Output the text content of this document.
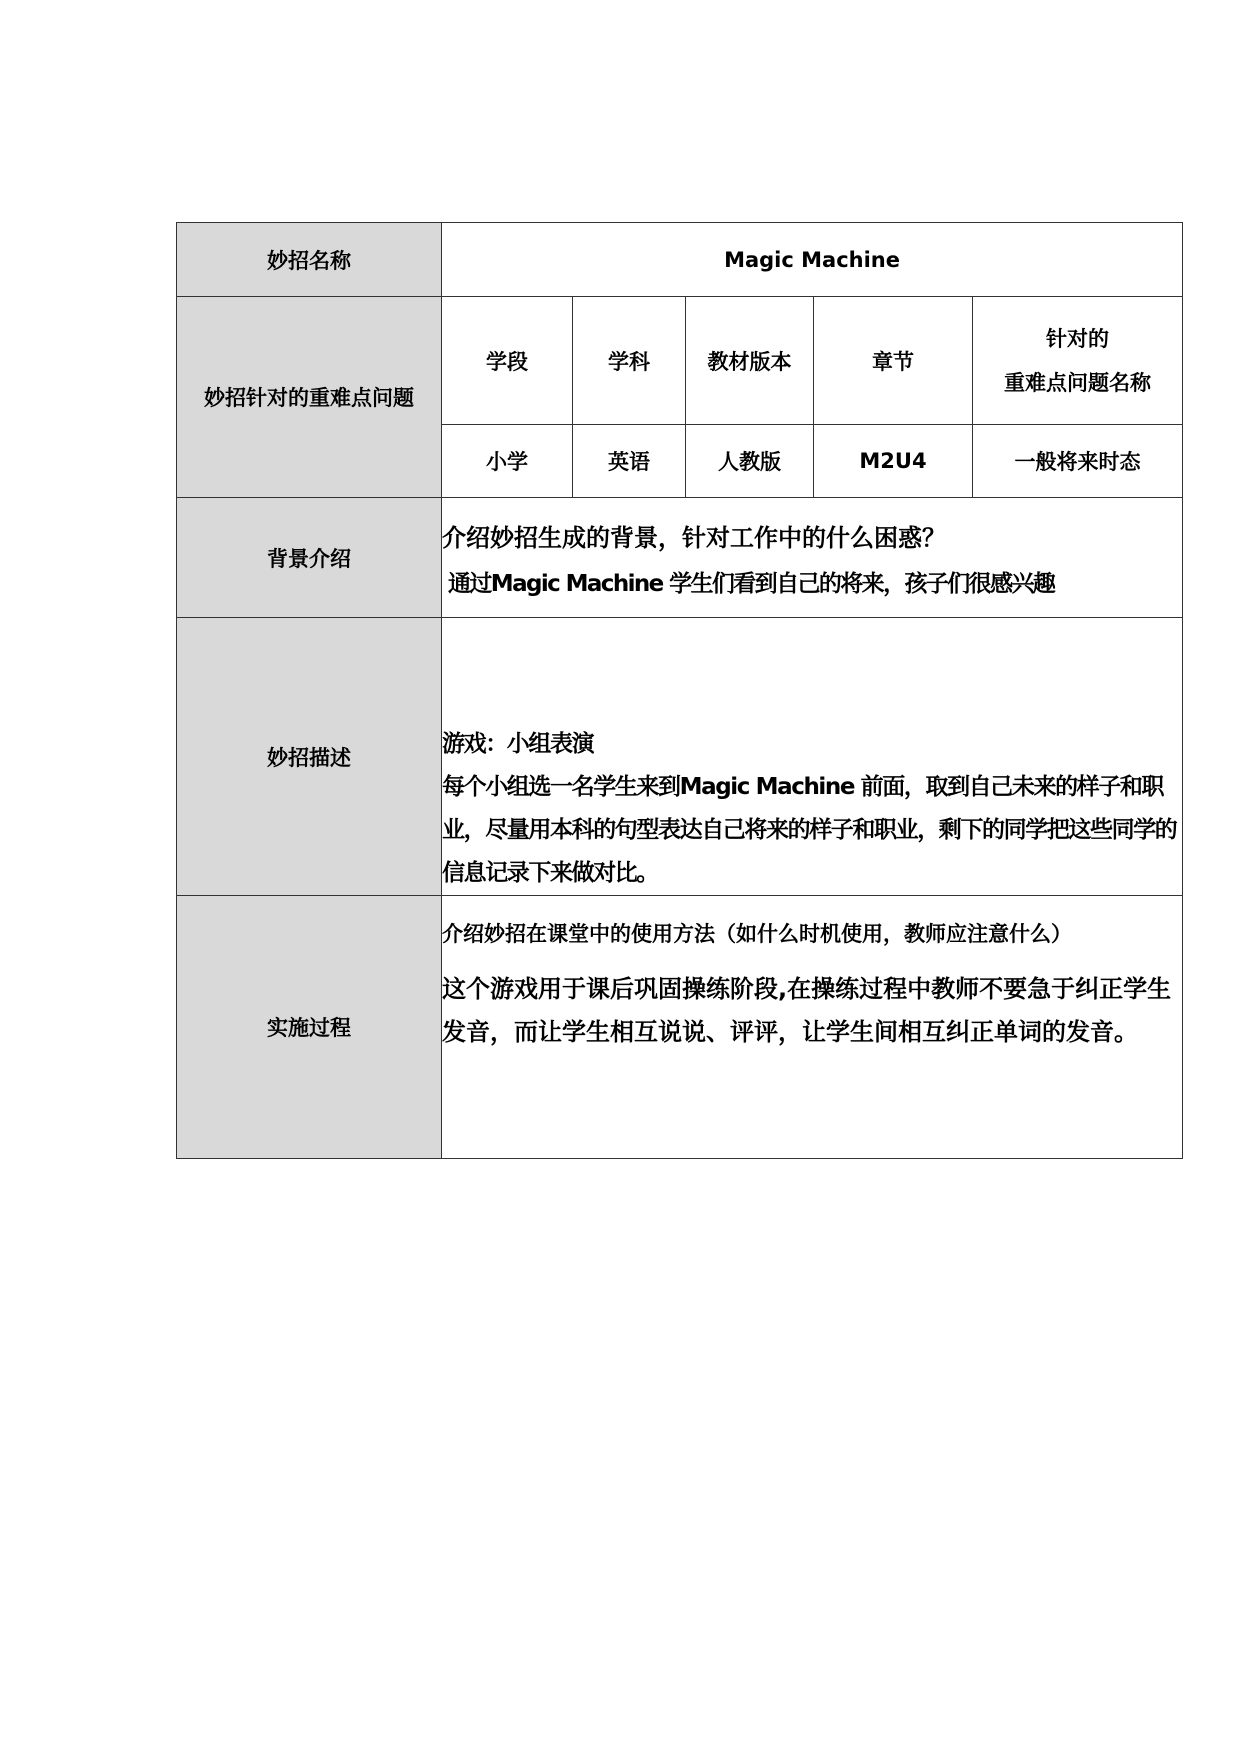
妙招名称	Magic Machine				
妙招针对的重难点问题	学段	学科	教材版本	章节	针对的
重难点问题名称

	小学	英语	人教版	M2U4	一般将来时态
背景介绍	介绍妙招生成的背景，针对工作中的什么困惑？
通过Magic Machine 学生们看到自己的将来，孩子们很感兴趣				

妙招描述	游戏：小组表演
每个小组选一名学生来到Magic Machine 前面，取到自己未来的样子和职业，尽量用本科的句型表达自己将来的样子和职业，剩下的同学把这些同学的信息记录下来做对比。				

实施过程	介绍妙招在课堂中的使用方法（如什么时机使用，教师应注意什么）
这个游戏用于课后巩固操练阶段,在操练过程中教师不要急于纠正学生发音，而让学生相互说说、评评，让学生间相互纠正单词的发音。				
